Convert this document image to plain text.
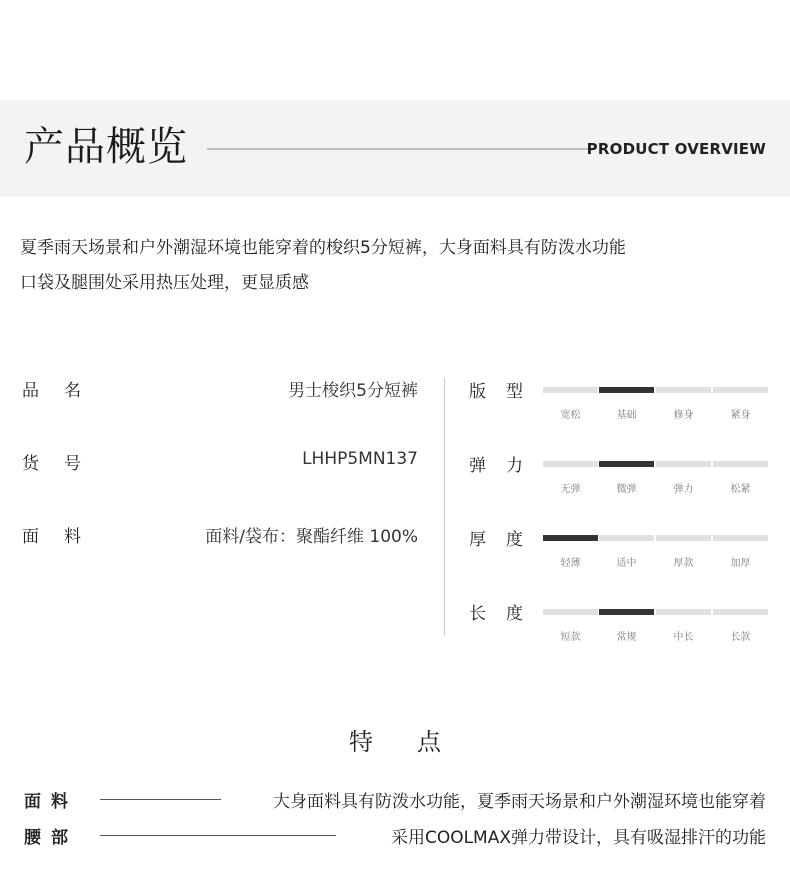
产品概览	PRODUCT OVERVIEW
夏季雨天场景和户外潮湿环境也能穿着的梭织5分短裤，大身面料具有防泼水功能
口袋及腿围处采用热压处理，更显质感
品名	男士梭织5分短裤
货号	LHHP5MN137
面料	面料/袋布：聚酯纤维 100%
版型
宽松	基础	修身	紧身
弹力
无弹	微弹	弹力	松紧
厚度
轻薄	适中	厚款	加厚
长度
短款	常规	中长	长款
特点
面料	大身面料具有防泼水功能，夏季雨天场景和户外潮湿环境也能穿着
腰部	采用COOLMAX弹力带设计，具有吸湿排汗的功能
